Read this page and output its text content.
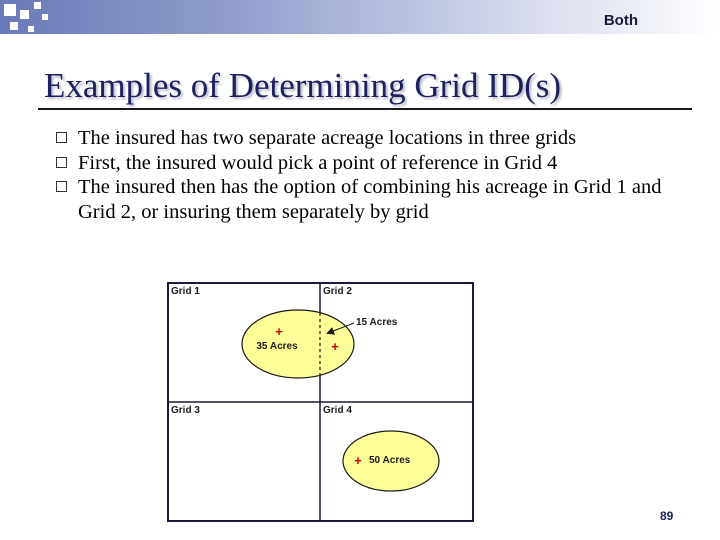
Both
Examples of Determining Grid ID(s)
The insured has two separate acreage locations in three grids
First, the insured would pick a point of reference in Grid 4
The insured then has the option of combining his acreage in Grid 1 and Grid 2, or insuring them separately by grid
Grid 1	Grid 2
Grid 3	Grid 4
+
35 Acres	+
15 Acres
+ 50 Acres
89
